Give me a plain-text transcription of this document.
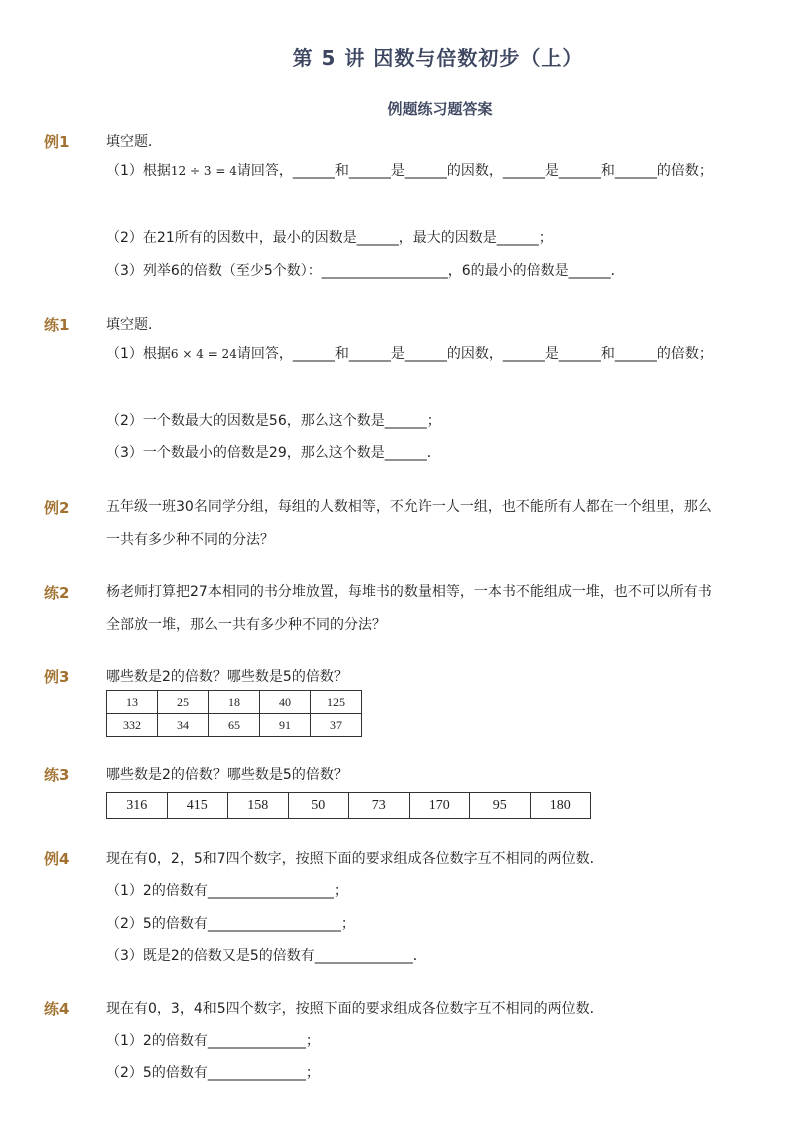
第 5 讲 因数与倍数初步（上）
例题练习题答案
例1	填空题．
（1）根据12 ÷ 3 = 4请回答，______和______是______的因数，______是______和______的倍数；
（2）在21所有的因数中，最小的因数是______，最大的因数是______；
（3）列举6的倍数（至少5个数）：__________________，6的最小的倍数是______．
练1	填空题．
（1）根据6 × 4 = 24请回答，______和______是______的因数，______是______和______的倍数；
（2）一个数最大的因数是56，那么这个数是______；
（3）一个数最小的倍数是29，那么这个数是______．
例2	五年级一班30名同学分组，每组的人数相等，不允许一人一组，也不能所有人都在一个组里，那么一共有多少种不同的分法？
练2	杨老师打算把27本相同的书分堆放置，每堆书的数量相等，一本书不能组成一堆，也不可以所有书全部放一堆，那么一共有多少种不同的分法？
例3	哪些数是2的倍数？哪些数是5的倍数？
13	25	18	40	125
332	34	65	91	37
练3	哪些数是2的倍数？哪些数是5的倍数？
316	415	158	50	73	170	95	180
例4	现在有0，2，5和7四个数字，按照下面的要求组成各位数字互不相同的两位数．
（1）2的倍数有__________________；
（2）5的倍数有___________________；
（3）既是2的倍数又是5的倍数有______________．
练4	现在有0，3，4和5四个数字，按照下面的要求组成各位数字互不相同的两位数．
（1）2的倍数有______________；
（2）5的倍数有______________；
